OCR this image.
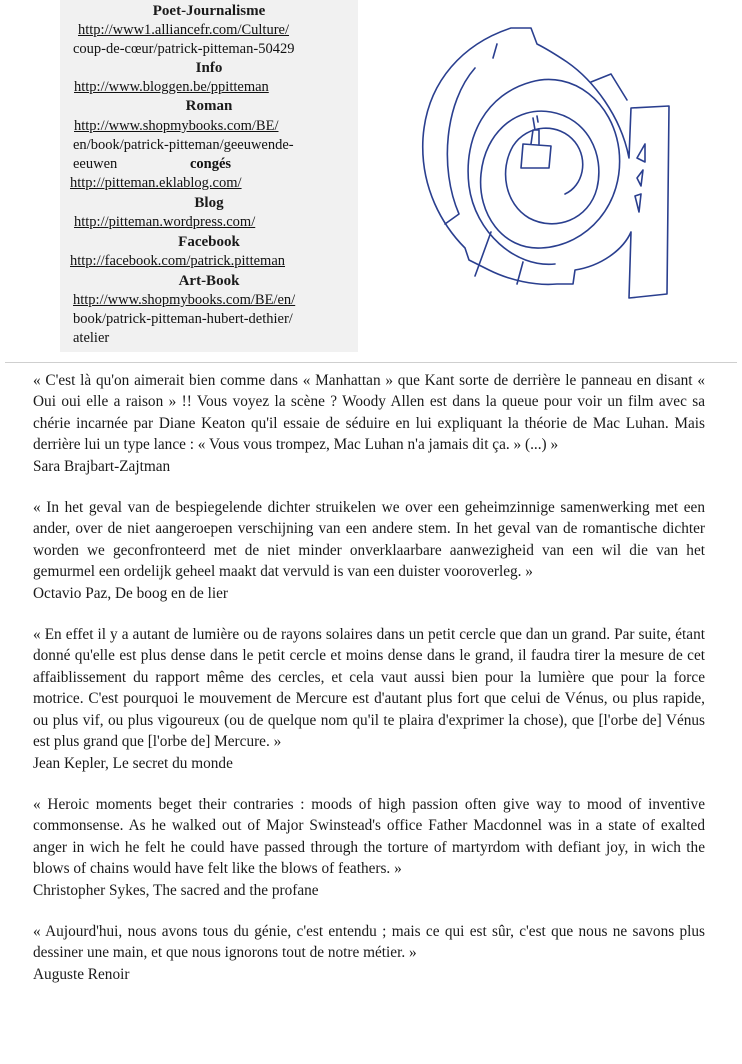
Poet-Journalisme
http://www1.alliancefr.com/Culture/
coup-de-cœur/patrick-pitteman-50429
Info
http://www.bloggen.be/ppitteman
Roman
http://www.shopmybooks.com/BE/
en/book/patrick-pitteman/geeuwende-
eeuwen	congés
http://pitteman.eklablog.com/
Blog
http://pitteman.wordpress.com/
Facebook
http://facebook.com/patrick.pitteman
Art-Book
http://www.shopmybooks.com/BE/en/
book/patrick-pitteman-hubert-dethier/
atelier

« C'est là qu'on aimerait bien comme dans « Manhattan » que Kant sorte de derrière le panneau en disant « Oui oui elle a raison » !! Vous voyez la scène ? Woody Allen est dans la queue pour voir un film avec sa chérie incarnée par Diane Keaton qu'il essaie de séduire en lui expliquant la théorie de Mac Luhan. Mais derrière lui un type lance : « Vous vous trompez, Mac Luhan n'a jamais dit ça. » (...) »

Sara Brajbart-Zajtman

« In het geval van de bespiegelende dichter struikelen we over een geheimzinnige samenwerking met een ander, over de niet aangeroepen verschijning van een andere stem. In het geval van de romantische dichter worden we geconfronteerd met de niet minder onverklaarbare aanwezigheid van een wil die van het gemurmel een ordelijk geheel maakt dat vervuld is van een duister vooroverleg. »

Octavio Paz, De boog en de lier

« En effet il y a autant de lumière ou de rayons solaires dans un petit cercle que dan un grand. Par suite, étant donné qu'elle est plus dense dans le petit cercle et moins dense dans le grand, il faudra tirer la mesure de cet affaiblissement du rapport même des cercles, et cela vaut aussi bien pour la lumière que pour la force motrice. C'est pourquoi le mouvement de Mercure est d'autant plus fort que celui de Vénus, ou plus rapide, ou plus vif, ou plus vigoureux (ou de quelque nom qu'il te plaira d'exprimer la chose), que [l'orbe de] Vénus est plus grand que [l'orbe de] Mercure. »

Jean Kepler, Le secret du monde

« Heroic moments beget their contraries : moods of high passion often give way to mood of inventive commonsense. As he walked out of Major Swinstead's office Father Macdonnel was in a state of exalted anger in wich he felt he could have passed through the torture of martyrdom with defiant joy, in wich the blows of chains would have felt like the blows of feathers. »

Christopher Sykes, The sacred and the profane

« Aujourd'hui, nous avons tous du génie, c'est entendu ; mais ce qui est sûr, c'est que nous ne savons plus dessiner une main, et que nous ignorons tout de notre métier. »

Auguste Renoir
